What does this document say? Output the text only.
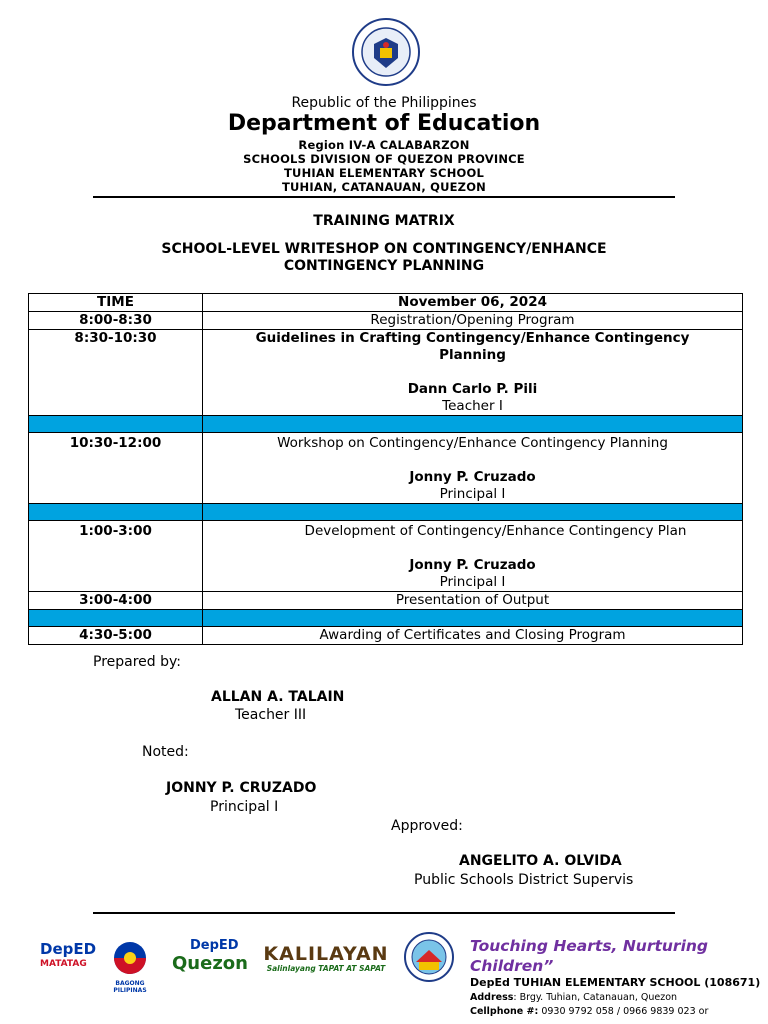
Republic of the Philippines
Department of Education
Region IV-A CALABARZON
SCHOOLS DIVISION OF QUEZON PROVINCE
TUHIAN ELEMENTARY SCHOOL
TUHIAN, CATANAUAN, QUEZON
TRAINING MATRIX
SCHOOL-LEVEL WRITESHOP ON CONTINGENCY/ENHANCE
CONTINGENCY PLANNING
TIME	November 06, 2024
8:00-8:30	Registration/Opening Program
8:30-10:30	Guidelines in Crafting Contingency/Enhance Contingency
Planning
Dann Carlo P. Pili
Teacher I

10:30-12:00	Workshop on Contingency/Enhance Contingency Planning
Jonny P. Cruzado
Principal I

1:00-3:00	Development of Contingency/Enhance Contingency Plan
Jonny P. Cruzado
Principal I

3:00-4:00	Presentation of Output

4:30-5:00	Awarding of Certificates and Closing Program
Prepared by:
ALLAN A. TALAIN
Teacher III
Noted:
JONNY P. CRUZADO
Principal I
Approved:
ANGELITO A. OLVIDA
Public Schools District Supervis
DepED
MATATAG
BAGONG PILIPINAS
DepED
Quezon KALILAYAN
Salinlayang TAPAT AT SAPAT
Touching Hearts, Nurturing
Children”
DepEd TUHIAN ELEMENTARY SCHOOL (108671)
Address: Brgy. Tuhian, Catanauan, Quezon
Cellphone #: 0930 9792 058 / 0966 9839 023 or
